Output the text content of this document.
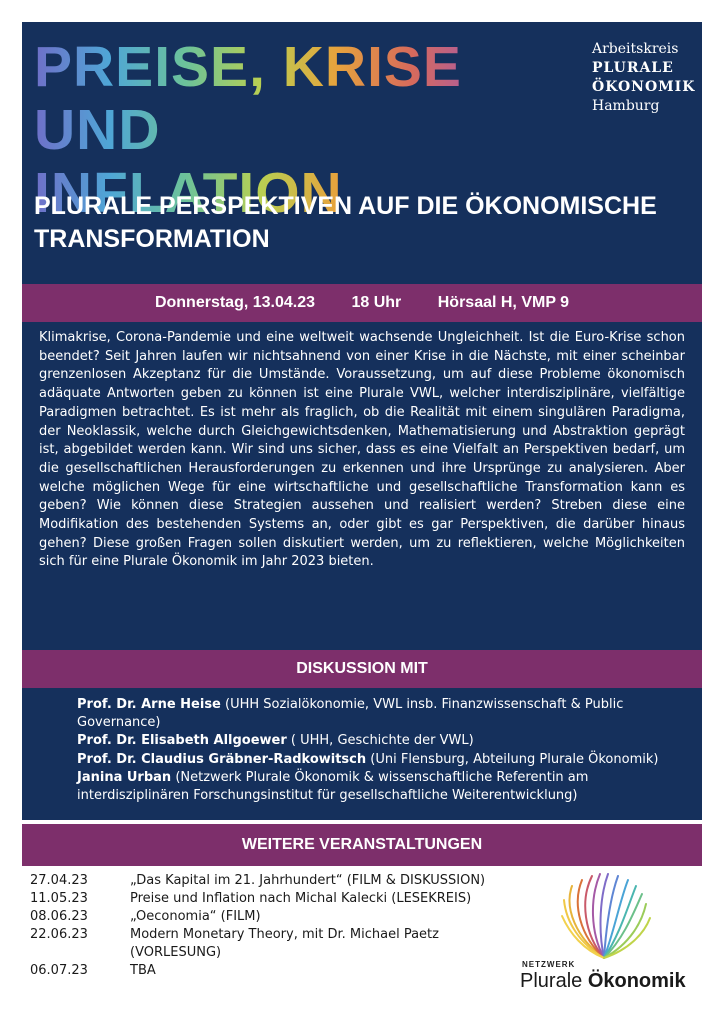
PREISE, KRISE UND
INFLATION
Arbeitskreis
PLURALE
ÖKONOMIK
Hamburg
PLURALE PERSPEKTIVEN AUF DIE ÖKONOMISCHE
TRANSFORMATION
Donnerstag, 13.04.23 18 Uhr Hörsaal H, VMP 9
Klimakrise, Corona-Pandemie und eine weltweit wachsende Ungleichheit. Ist die Euro-Krise schon beendet? Seit Jahren laufen wir nichtsahnend von einer Krise in die Nächste, mit einer scheinbar grenzenlosen Akzeptanz für die Umstände. Voraussetzung, um auf diese Probleme ökonomisch adäquate Antworten geben zu können ist eine Plurale VWL, welcher interdisziplinäre, vielfältige Paradigmen betrachtet. Es ist mehr als fraglich, ob die Realität mit einem singulären Paradigma, der Neoklassik, welche durch Gleichgewichtsdenken, Mathematisierung und Abstraktion geprägt ist, abgebildet werden kann. Wir sind uns sicher, dass es eine Vielfalt an Perspektiven bedarf, um die gesellschaftlichen Herausforderungen zu erkennen und ihre Ursprünge zu analysieren. Aber welche möglichen Wege für eine wirtschaftliche und gesellschaftliche Transformation kann es geben? Wie können diese Strategien aussehen und realisiert werden? Streben diese eine Modifikation des bestehenden Systems an, oder gibt es gar Perspektiven, die darüber hinaus gehen? Diese großen Fragen sollen diskutiert werden, um zu reflektieren, welche Möglichkeiten sich für eine Plurale Ökonomik im Jahr 2023 bieten.
DISKUSSION MIT

Prof. Dr. Arne Heise (UHH Sozialökonomie, VWL insb. Finanzwissenschaft & Public Governance)

Prof. Dr. Elisabeth Allgoewer ( UHH, Geschichte der VWL)

Prof. Dr. Claudius Gräbner-Radkowitsch (Uni Flensburg, Abteilung Plurale Ökonomik)

Janina Urban (Netzwerk Plurale Ökonomik & wissenschaftliche Referentin am interdisziplinären Forschungsinstitut für gesellschaftliche Weiterentwicklung)

WEITERE VERANSTALTUNGEN
27.04.23	„Das Kapital im 21. Jahrhundert“ (FILM & DISKUSSION)
11.05.23	Preise und Inflation nach Michal Kalecki (LESEKREIS)
08.06.23	„Oeconomia“ (FILM)
22.06.23	Modern Monetary Theory, mit Dr. Michael Paetz (VORLESUNG)
06.07.23	TBA	NETZWERK
Plurale Ökonomik
